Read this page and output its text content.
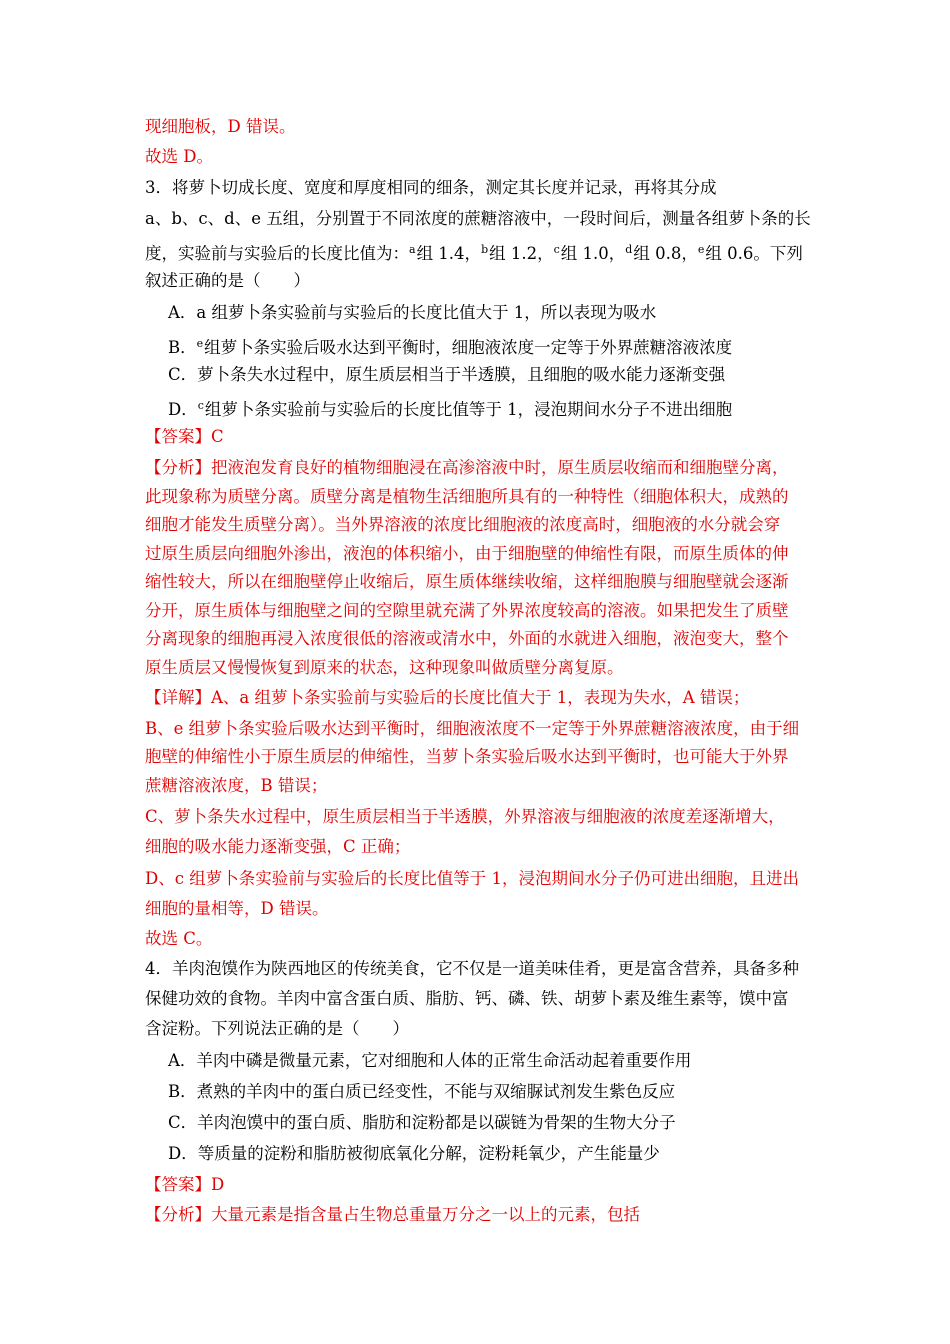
现细胞板，D 错误。
故选 D。
3．将萝卜切成长度、宽度和厚度相同的细条，测定其长度并记录，再将其分成
a、b、c、d、e 五组，分别置于不同浓度的蔗糖溶液中，一段时间后，测量各组萝卜条的长
度，实验前与实验后的长度比值为：$^a$组 1.4，$^b$组 1.2，$^c$组 1.0，$^d$组 0.8，$^e$组 0.6。下列
叙述正确的是（　　）
A．a 组萝卜条实验前与实验后的长度比值大于 1，所以表现为吸水
B．$^e$组萝卜条实验后吸水达到平衡时，细胞液浓度一定等于外界蔗糖溶液浓度
C．萝卜条失水过程中，原生质层相当于半透膜，且细胞的吸水能力逐渐变强
D．$^c$组萝卜条实验前与实验后的长度比值等于 1，浸泡期间水分子不进出细胞
【答案】C
【分析】把液泡发育良好的植物细胞浸在高渗溶液中时，原生质层收缩而和细胞壁分离，
此现象称为质壁分离。质壁分离是植物生活细胞所具有的一种特性（细胞体积大，成熟的
细胞才能发生质壁分离）。当外界溶液的浓度比细胞液的浓度高时，细胞液的水分就会穿
过原生质层向细胞外渗出，液泡的体积缩小，由于细胞壁的伸缩性有限，而原生质体的伸
缩性较大，所以在细胞壁停止收缩后，原生质体继续收缩，这样细胞膜与细胞壁就会逐渐
分开，原生质体与细胞壁之间的空隙里就充满了外界浓度较高的溶液。如果把发生了质壁
分离现象的细胞再浸入浓度很低的溶液或清水中，外面的水就进入细胞，液泡变大，整个
原生质层又慢慢恢复到原来的状态，这种现象叫做质壁分离复原。
【详解】A、a 组萝卜条实验前与实验后的长度比值大于 1，表现为失水，A 错误；
B、e 组萝卜条实验后吸水达到平衡时，细胞液浓度不一定等于外界蔗糖溶液浓度，由于细
胞壁的伸缩性小于原生质层的伸缩性，当萝卜条实验后吸水达到平衡时，也可能大于外界
蔗糖溶液浓度，B 错误；
C、萝卜条失水过程中，原生质层相当于半透膜，外界溶液与细胞液的浓度差逐渐增大，
细胞的吸水能力逐渐变强，C 正确；
D、c 组萝卜条实验前与实验后的长度比值等于 1，浸泡期间水分子仍可进出细胞，且进出
细胞的量相等，D 错误。
故选 C。
4．羊肉泡馍作为陕西地区的传统美食，它不仅是一道美味佳肴，更是富含营养，具备多种
保健功效的食物。羊肉中富含蛋白质、脂肪、钙、磷、铁、胡萝卜素及维生素等，馍中富
含淀粉。下列说法正确的是（　　）
A．羊肉中磷是微量元素，它对细胞和人体的正常生命活动起着重要作用
B．煮熟的羊肉中的蛋白质已经变性，不能与双缩脲试剂发生紫色反应
C．羊肉泡馍中的蛋白质、脂肪和淀粉都是以碳链为骨架的生物大分子
D．等质量的淀粉和脂肪被彻底氧化分解，淀粉耗氧少，产生能量少
【答案】D
【分析】大量元素是指含量占生物总重量万分之一以上的元素，包括
